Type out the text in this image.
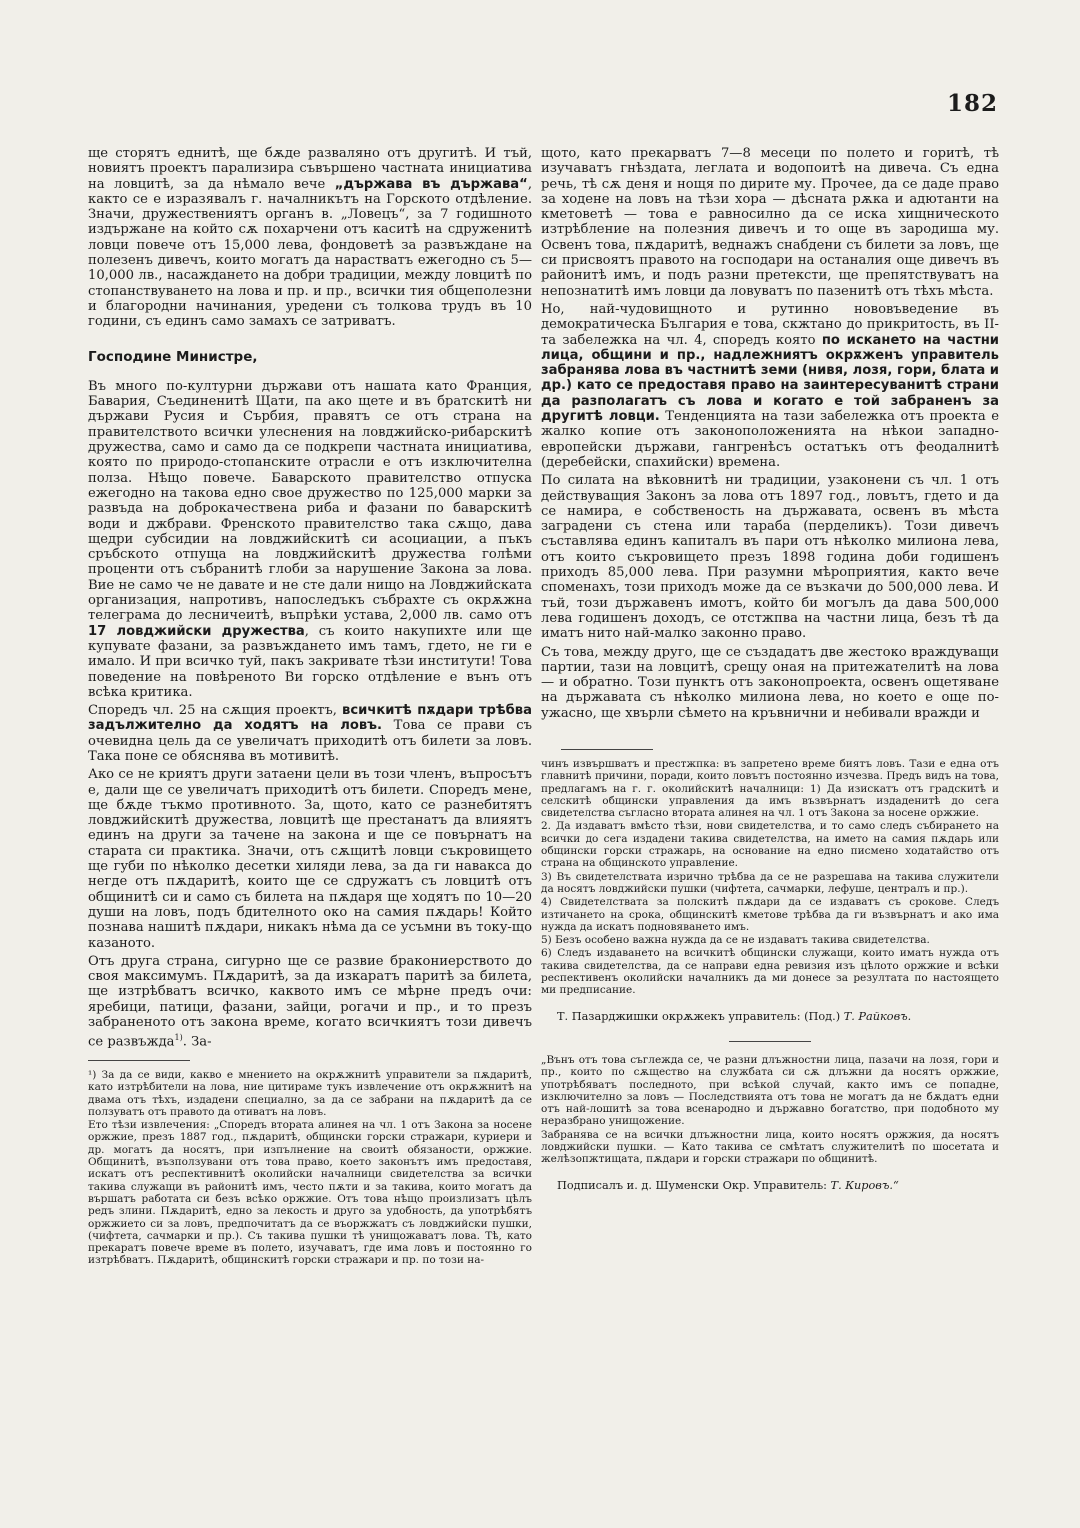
182

ще сторятъ еднитѣ, ще бѫде разваляно отъ другитѣ. И тъй, новиятъ проектъ парализира съвършено частната инициатива на ловцитѣ, за да нѣмало вече „държава въ държава“, както се е изразявалъ г. началникътъ на Горското отдѣление. Значи, дружествениятъ органъ в. „Ловецъ“, за 7 годишното издържане на който сѫ похарчени отъ каситѣ на сдруженитѣ ловци повече отъ 15,000 лева, фондоветѣ за развъждане на полезенъ дивечъ, които могатъ да нарастватъ ежегодно съ 5—10,000 лв., насаждането на добри традиции, между ловцитѣ по стопанствуването на лова и пр. и пр., всички тия общеполезни и благородни начинания, уредени съ толкова трудъ въ 10 години, съ единъ само замахъ се затриватъ.

Господине Министре,

Въ много по-културни държави отъ нашата като Франция, Бавария, Съединенитѣ Щати, па ако щете и въ братскитѣ ни държави Русия и Сърбия, правятъ се отъ страна на правителството всички улеснения на ловджийско-рибарскитѣ дружества, само и само да се подкрепи частната инициатива, която по природо-стопанските отрасли е отъ изключителна полза. Нѣщо повече. Баварското правителство отпуска ежегодно на такова едно свое дружество по 125,000 марки за развъда на доброкачествена риба и фазани по баварскитѣ води и джбрави. Френското правителство така сѫщо, дава щедри субсидии на ловджийскитѣ си асоциации, а пъкъ сръбското отпуща на ловджийскитѣ дружества голѣми проценти отъ събранитѣ глоби за нарушение Закона за лова. Вие не само че не давате и не сте дали нищо на Ловджийската организация, напротивъ, напоследъкъ събрахте съ окрѫжна телеграма до лесничеитѣ, въпрѣки устава, 2,000 лв. само отъ 17 ловджийски дружества, съ които накупихте или ще купувате фазани, за развъждането имъ тамъ, гдето, не ги е имало. И при всичко туй, пакъ закривате тѣзи институти! Това поведение на повѣреното Ви горско отдѣление е вънъ отъ всѣка критика.

Споредъ чл. 25 на сѫщия проектъ, всичкитѣ пѫдари трѣбва задължително да ходятъ на ловъ. Това се прави съ очевидна цель да се увеличатъ приходитѣ отъ билети за ловъ. Така поне се обяснява въ мотивитѣ.

Ако се не криятъ други затаени цели въ този членъ, въпросътъ е, дали ще се увеличатъ приходитѣ отъ билети. Споредъ мене, ще бѫде тъкмо противното. За, щото, като се разнебитятъ ловджийскитѣ дружества, ловцитѣ ще престанатъ да влияятъ единъ на други за тачене на закона и ще се повърнатъ на старата си практика. Значи, отъ сѫщитѣ ловци съкровището ще губи по нѣколко десетки хиляди лева, за да ги навакса до негде отъ пѫдаритѣ, които ще се сдружатъ съ ловцитѣ отъ общинитѣ си и само съ билета на пѫдаря ще ходятъ по 10—20 души на ловъ, подъ бдителното око на самия пѫдарь! Който познава нашитѣ пѫдари, никакъ нѣма да се усъмни въ току-що казаното.

Отъ друга страна, сигурно ще се развие бракониерството до своя максимумъ. Пѫдаритѣ, за да изкаратъ паритѣ за билета, ще изтрѣбватъ всичко, каквото имъ се мѣрне предъ очи: яребици, патици, фазани, зайци, рогачи и пр., и то презъ забраненото отъ закона време, когато всичкиятъ този дивечъ се развъжда$^{1)}$. За-

¹) За да се види, какво е мнението на окрѫжнитѣ управители за пѫдаритѣ, като изтрѣбители на лова, ние цитираме тукъ извлечение отъ окрѫжнитѣ на двама отъ тѣхъ, издадени специално, за да се забрани на пѫдаритѣ да се ползуватъ отъ правото да отиватъ на ловъ.

Ето тѣзи извлечения: „Споредъ втората алинея на чл. 1 отъ Закона за носене оржжие, презъ 1887 год., пѫдаритѣ, общински горски стражари, куриери и др. могатъ да носятъ, при изпълнение на своитѣ обязаности, оржжие. Общинитѣ, възползувани отъ това право, което законътъ имъ предоставя, искатъ отъ респективнитѣ околийски началници свидетелства за всички такива служащи въ районитѣ имъ, често пѫти и за такива, които могатъ да вършатъ работата си безъ всѣко оржжие. Отъ това нѣщо произлизатъ цѣлъ редъ злини. Пѫдаритѣ, едно за лекость и друго за удобность, да употрѣбятъ оржжието си за ловъ, предпочитатъ да се въоржжатъ съ ловджийски пушки, (чифтета, сачмарки и пр.). Съ такива пушки тѣ унищожаватъ лова. Тѣ, като прекаратъ повече време въ полето, изучаватъ, где има ловъ и постоянно го изтрѣбватъ. Пѫдаритѣ, общинскитѣ горски стражари и пр. по този на-

щото, като прекарватъ 7—8 месеци по полето и горитѣ, тѣ изучаватъ гнѣздата, леглата и водопоитѣ на дивеча. Съ една речь, тѣ сѫ деня и нощя по дирите му. Прочее, да се даде право за ходене на ловъ на тѣзи хора — дѣсната рѫка и адютанти на кметоветѣ — това е равносилно да се иска хищническото изтрѣбление на полезния дивечъ и то още въ зародиша му. Освенъ това, пѫдаритѣ, веднажъ снабдени съ билети за ловъ, ще си присвоятъ правото на господари на останалия още дивечъ въ районитѣ имъ, и подъ разни претексти, ще препятствуватъ на непознатитѣ имъ ловци да ловуватъ по пазенитѣ отъ тѣхъ мѣста.

Но, най-чудовищното и рутинно нововъведение въ демократическа България е това, скжтано до прикритость, въ II-та забележка на чл. 4, споредъ която по искането на частни лица, общини и пр., надлежниятъ окрѫженъ управитель забранява лова въ частнитѣ земи (нивя, лозя, гори, блата и др.) като се предоставя право на заинтересуванитѣ страни да разполагатъ съ лова и когато е той забраненъ за другитѣ ловци. Тенденцията на тази забележка отъ проекта е жалко копие отъ законоположенията на нѣкои западно-европейски държави, гангренѣсъ остатъкъ отъ феодалнитѣ (деребейски, спахийски) времена.

По силата на вѣковнитѣ ни традиции, узаконени съ чл. 1 отъ действуващия Законъ за лова отъ 1897 год., ловътъ, гдето и да се намира, е собственость на държавата, освенъ въ мѣста заградени съ стена или тараба (перделикъ). Този дивечъ съставлява единъ капиталъ въ пари отъ нѣколко милиона лева, отъ които съкровището презъ 1898 година доби годишенъ приходъ 85,000 лева. При разумни мѣроприятия, както вече споменахъ, този приходъ може да се възкачи до 500,000 лева. И тъй, този държавенъ имотъ, който би могълъ да дава 500,000 лева годишенъ доходъ, се отстжпва на частни лица, безъ тѣ да иматъ нито най-малко законно право.

Съ това, между друго, ще се създадатъ две жестоко враждуващи партии, тази на ловцитѣ, срещу оная на притежателитѣ на лова — и обратно. Този пунктъ отъ законопроекта, освенъ ощетяване на държавата съ нѣколко милиона лева, но което е още по-ужасно, ще хвърли сѣмето на кръвнични и небивали вражди и

чинъ извършватъ и престжпка: въ запретено време биятъ ловъ. Тази е една отъ главнитѣ причини, поради, които ловътъ постоянно изчезва. Предъ видъ на това, предлагамъ на г. г. околийскитѣ началници: 1) Да изискатъ отъ градскитѣ и селскитѣ общински управления да имъ възвърнатъ издаденитѣ до сега свидетелства съгласно втората алинея на чл. 1 отъ Закона за носене оржжие.

2. Да издаватъ вмѣсто тѣзи, нови свидетелства, и то само следъ събирането на всички до сега издадени такива свидетелства, на името на самия пѫдарь или общински горски стражарь, на основание на едно писмено ходатайство отъ страна на общинското управление.

3) Въ свидетелствата изрично трѣбва да се не разрешава на такива служители да носятъ ловджийски пушки (чифтета, сачмарки, лефуше, централъ и пр.).

4) Свидетелствата за полскитѣ пѫдари да се издаватъ съ срокове. Следъ изтичането на срока, общинскитѣ кметове трѣбва да ги възвърнатъ и ако има нужда да искатъ подновяването имъ.

5) Безъ особено важна нужда да се не издаватъ такива свидетелства.

6) Следъ издаването на всичкитѣ общински служащи, които иматъ нужда отъ такива свидетелства, да се направи една ревизия изъ цѣлото оржжие и всѣки респективенъ околийски началникъ да ми донесе за резултата по настоящето ми предписание.

Т. Пазарджишки окрѫжекъ управитель: (Под.) Т. Райковъ.

„Вънъ отъ това съглежда се, че разни длъжностни лица, пазачи на лозя, гори и пр., които по сѫщество на службата си сѫ длъжни да носятъ оржжие, употрѣбяватъ последното, при всѣкой случай, както имъ се попадне, изключително за ловъ — Последствията отъ това не могатъ да не бѫдатъ едни отъ най-лошитѣ за това всенародно и държавно богатство, при подобното му неразбрано унищожение.

Забранява се на всички длъжностни лица, които носятъ оржжия, да носятъ ловджийски пушки. — Като такива се смѣтатъ служителитѣ по шосетата и желѣзопжтищата, пѫдари и горски стражари по общинитѣ.

Подписалъ и. д. Шуменски Окр. Управитель: Т. Кировъ.“
